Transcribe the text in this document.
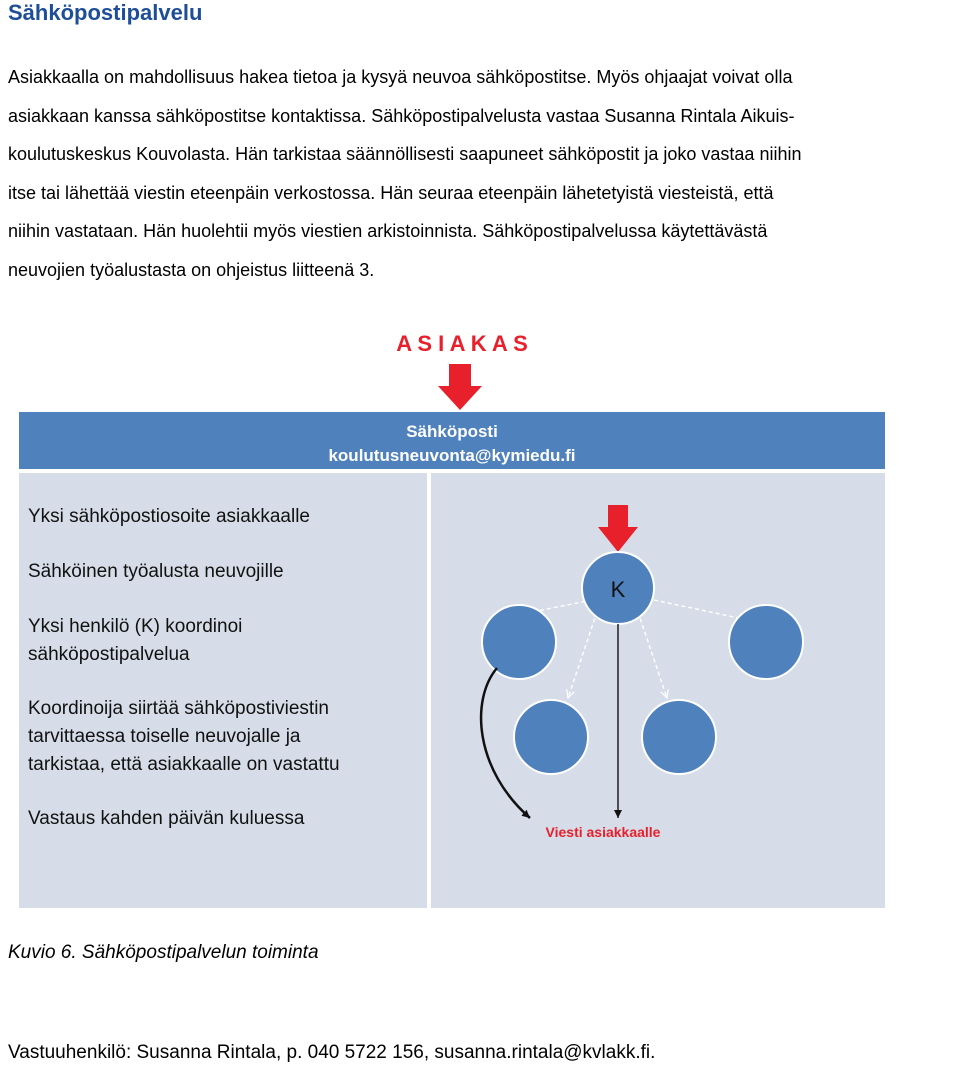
Sähköpostipalvelu
Asiakkaalla on mahdollisuus hakea tietoa ja kysyä neuvoa sähköpostitse. Myös ohjaajat voivat olla
asiakkaan kanssa sähköpostitse kontaktissa. Sähköpostipalvelusta vastaa Susanna Rintala Aikuis-
koulutuskeskus Kouvolasta. Hän tarkistaa säännöllisesti saapuneet sähköpostit ja joko vastaa niihin
itse tai lähettää viestin eteenpäin verkostossa. Hän seuraa eteenpäin lähetetyistä viesteistä, että
niihin vastataan. Hän huolehtii myös viestien arkistoinnista. Sähköpostipalvelussa käytettävästä
neuvojien työalustasta on ohjeistus liitteenä 3.
A S I A K A S
Sähköposti
koulutusneuvonta@kymiedu.fi
Yksi sähköpostiosoite asiakkaalle
Sähköinen työalusta neuvojille
Yksi henkilö (K) koordinoi
sähköpostipalvelua
Koordinoija siirtää sähköpostiviestin
tarvittaessa toiselle neuvojalle ja
tarkistaa, että asiakkaalle on vastattu
Vastaus kahden päivän kuluessa
K
Viesti asiakkaalle
Kuvio 6. Sähköpostipalvelun toiminta
Vastuuhenkilö: Susanna Rintala, p. 040 5722 156, susanna.rintala@kvlakk.fi.
